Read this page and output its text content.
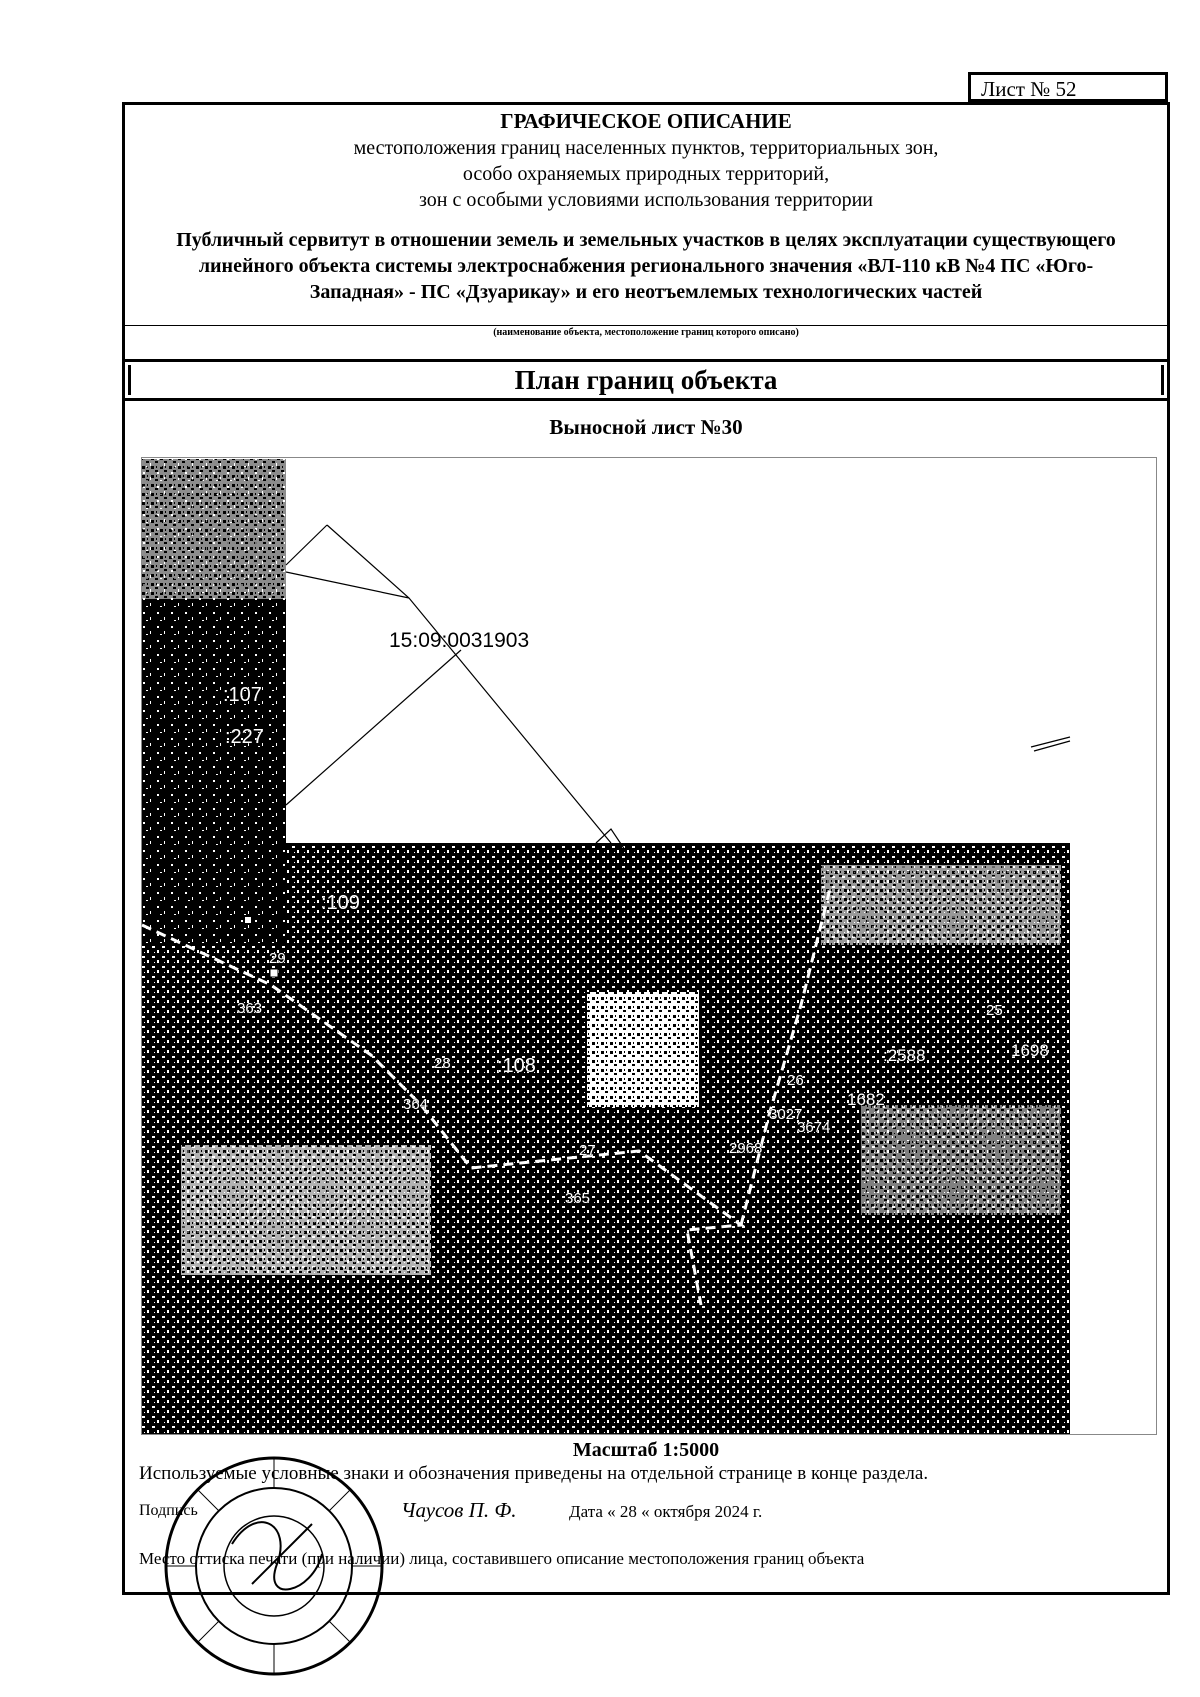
Лист № 52
ГРАФИЧЕСКОЕ ОПИСАНИЕ
местоположения границ населенных пунктов, территориальных зон,
особо охраняемых природных территорий,
зон с особыми условиями использования территории
Публичный сервитут в отношении земель и земельных участков в целях эксплуатации существующего линейного объекта системы электроснабжения регионального значения «ВЛ-110 кВ №4 ПС «Юго-Западная» - ПС «Дзуарикау» и его неотъемлемых технологических частей
(наименование объекта, местоположение границ которого описано)
План границ объекта
Выносной лист №30
15:09:0031903
:107
:227
:109
:108
29
363
28
364
27
365
26
25
:2588	1698
1682
3027
3674
2968
Масштаб 1:5000
Используемые условные знаки и обозначения приведены на отдельной странице в конце раздела.
Подпись	Чаусов П. Ф.	Дата « 28 « октября 2024 г.
Место оттиска печати (при наличии) лица, составившего описание местоположения границ объекта
